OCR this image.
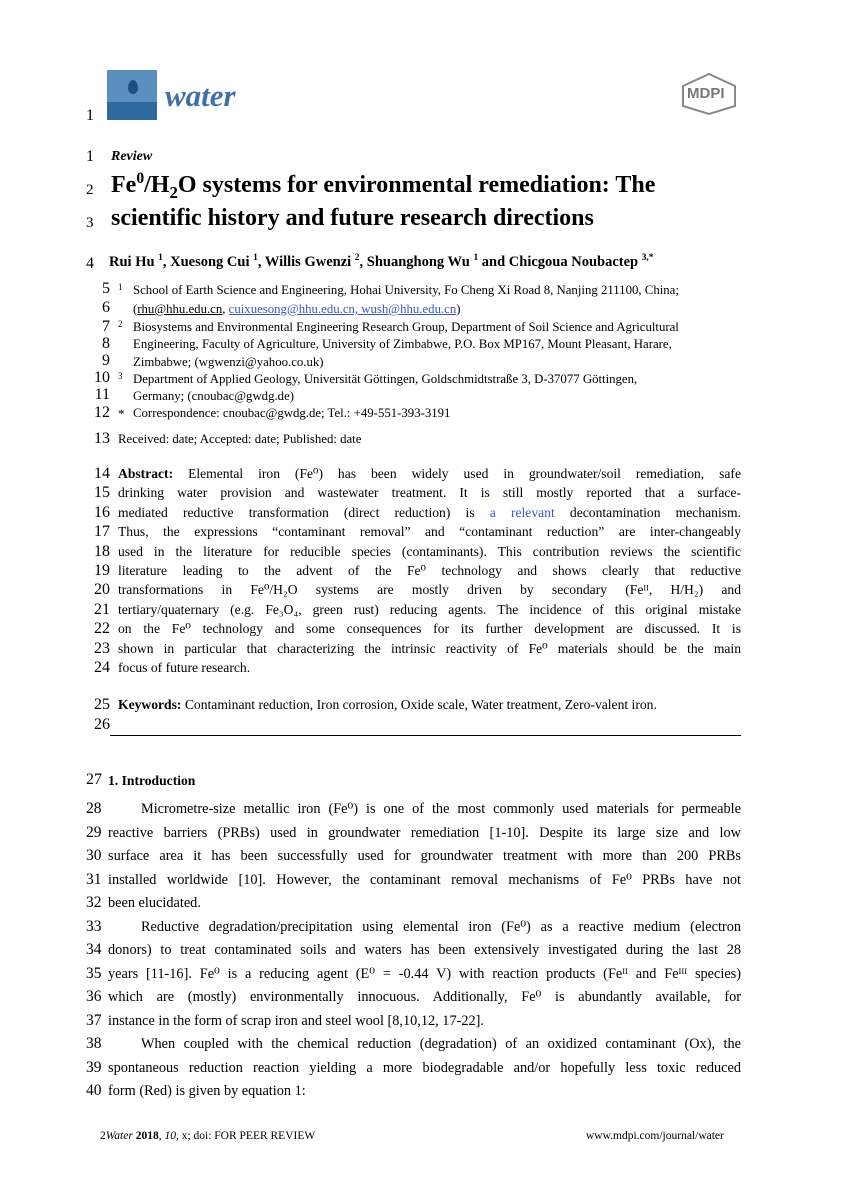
1
water	MDPI
1 Review
2 $Fe^0/H_2O$ systems for environmental remediation: The
3 scientific history and future research directions
4 Rui Hu $^1$, Xuesong Cui $^1$, Willis Gwenzi $^2$, Shuanghong Wu $^1$ and Chicgoua Noubactep $^{3,*}$
5 1 School of Earth Science and Engineering, Hohai University, Fo Cheng Xi Road 8, Nanjing 211100, China;
6 (rhu@hhu.edu.cn, cuixuesong@hhu.edu.cn, wush@hhu.edu.cn)
7 2 Biosystems and Environmental Engineering Research Group, Department of Soil Science and Agricultural
8 Engineering, Faculty of Agriculture, University of Zimbabwe, P.O. Box MP167, Mount Pleasant, Harare,
9 Zimbabwe; (wgwenzi@yahoo.co.uk)
10 3 Department of Applied Geology, Universität Göttingen, Goldschmidtstraße 3, D-37077 Göttingen,
11 Germany; (cnoubac@gwdg.de)
12 * Correspondence: cnoubac@gwdg.de; Tel.: +49-551-393-3191
13 Received: date; Accepted: date; Published: date
14 Abstract: Elemental iron (Fe⁰) has been widely used in groundwater/soil remediation, safe
15 drinking water provision and wastewater treatment. It is still mostly reported that a surface-
16 mediated reductive transformation (direct reduction) is a relevant decontamination mechanism.
17 Thus, the expressions “contaminant removal” and “contaminant reduction” are inter-changeably
18 used in the literature for reducible species (contaminants). This contribution reviews the scientific
19 literature leading to the advent of the Fe⁰ technology and shows clearly that reductive
20 transformations in Fe⁰/H₂O systems are mostly driven by secondary (Feᴵᴵ, H/H₂) and
21 tertiary/quaternary (e.g. Fe₃O₄, green rust) reducing agents. The incidence of this original mistake
22 on the Fe⁰ technology and some consequences for its further development are discussed. It is
23 shown in particular that characterizing the intrinsic reactivity of Fe⁰ materials should be the main
24 focus of future research.
25 Keywords: Contaminant reduction, Iron corrosion, Oxide scale, Water treatment, Zero-valent iron.
26
27 1. Introduction
28	Micrometre-size metallic iron (Fe⁰) is one of the most commonly used materials for permeable
29 reactive barriers (PRBs) used in groundwater remediation [1-10]. Despite its large size and low
30 surface area it has been successfully used for groundwater treatment with more than 200 PRBs
31 installed worldwide [10]. However, the contaminant removal mechanisms of Fe⁰ PRBs have not
32 been elucidated.
33	Reductive degradation/precipitation using elemental iron (Fe⁰) as a reactive medium (electron
34 donors) to treat contaminated soils and waters has been extensively investigated during the last 28
35 years [11-16]. Fe⁰ is a reducing agent (E⁰ = -0.44 V) with reaction products (Feᴵᴵ and Feᴵᴵᴵ species)
36 which are (mostly) environmentally innocuous. Additionally, Fe⁰ is abundantly available, for
37 instance in the form of scrap iron and steel wool [8,10,12, 17-22].
38	When coupled with the chemical reduction (degradation) of an oxidized contaminant (Ox), the
39 spontaneous reduction reaction yielding a more biodegradable and/or hopefully less toxic reduced
40 form (Red) is given by equation 1:
2Water 2018, 10, x; doi: FOR PEER REVIEW	www.mdpi.com/journal/water
